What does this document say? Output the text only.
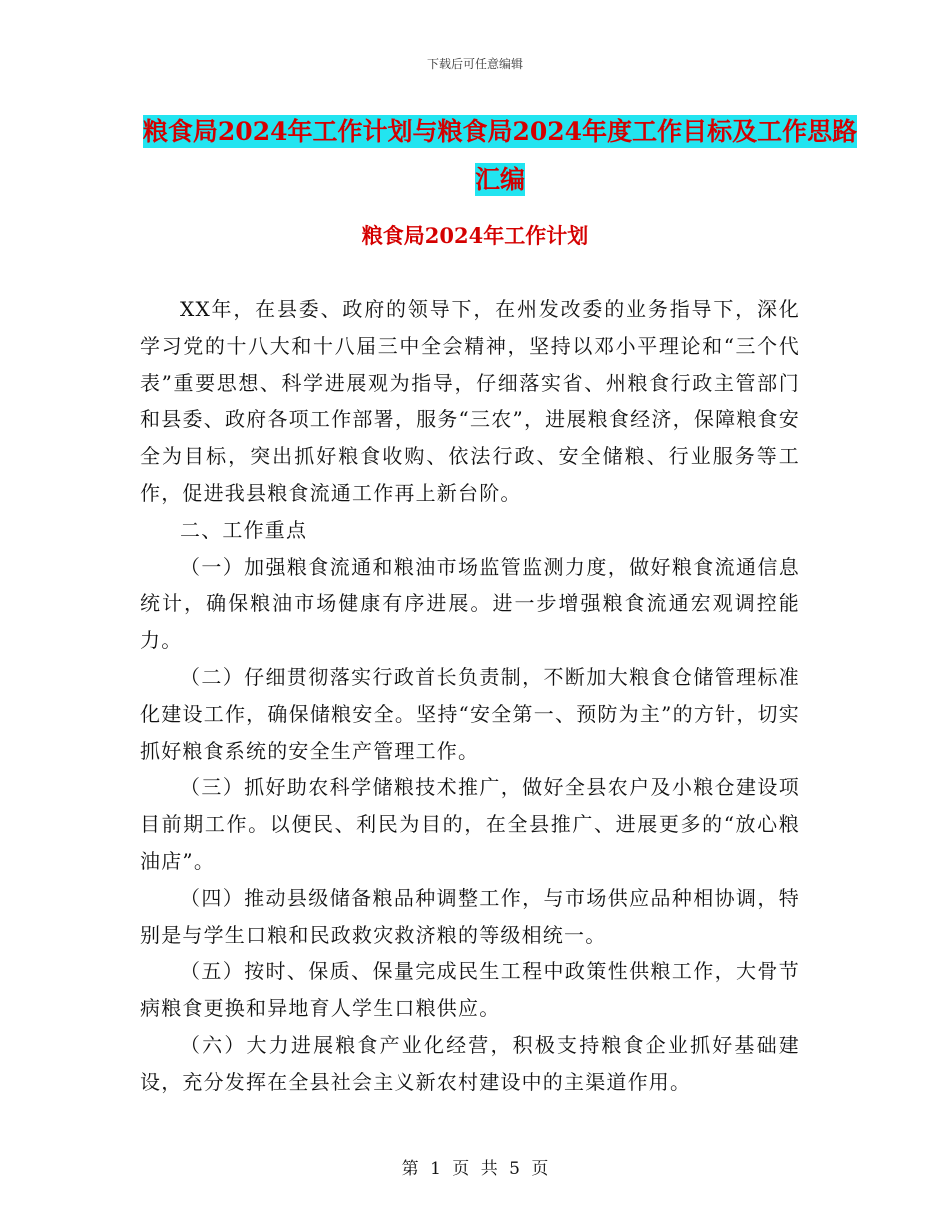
下载后可任意编辑
粮食局2024年工作计划与粮食局2024年度工作目标及工作思路汇编
粮食局2024年工作计划

XX年，在县委、政府的领导下，在州发改委的业务指导下，深化学习党的十八大和十八届三中全会精神，坚持以邓小平理论和“三个代表”重要思想、科学进展观为指导，仔细落实省、州粮食行政主管部门和县委、政府各项工作部署，服务“三农”，进展粮食经济，保障粮食安全为目标，突出抓好粮食收购、依法行政、安全储粮、行业服务等工作，促进我县粮食流通工作再上新台阶。

二、工作重点

（一）加强粮食流通和粮油市场监管监测力度，做好粮食流通信息统计，确保粮油市场健康有序进展。进一步增强粮食流通宏观调控能力。

（二）仔细贯彻落实行政首长负责制，不断加大粮食仓储管理标准化建设工作，确保储粮安全。坚持“安全第一、预防为主”的方针，切实抓好粮食系统的安全生产管理工作。

（三）抓好助农科学储粮技术推广，做好全县农户及小粮仓建设项目前期工作。以便民、利民为目的，在全县推广、进展更多的“放心粮油店”。

（四）推动县级储备粮品种调整工作，与市场供应品种相协调，特别是与学生口粮和民政救灾救济粮的等级相统一。

（五）按时、保质、保量完成民生工程中政策性供粮工作，大骨节病粮食更换和异地育人学生口粮供应。

（六）大力进展粮食产业化经营，积极支持粮食企业抓好基础建设，充分发挥在全县社会主义新农村建设中的主渠道作用。

第 1 页 共 5 页
